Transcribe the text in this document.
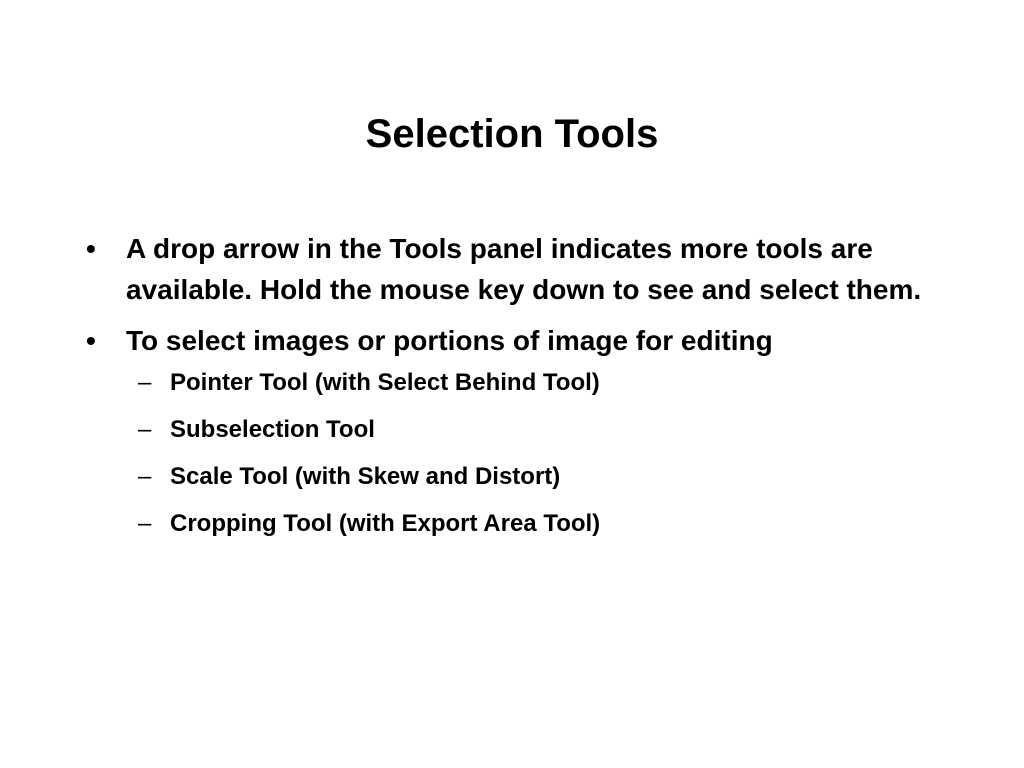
Selection Tools
• A drop arrow in the Tools panel indicates more tools are available. Hold the mouse key down to see and select them.
• To select images or portions of image for editing
– Pointer Tool (with Select Behind Tool)
– Subselection Tool
– Scale Tool (with Skew and Distort)
– Cropping Tool (with Export Area Tool)
